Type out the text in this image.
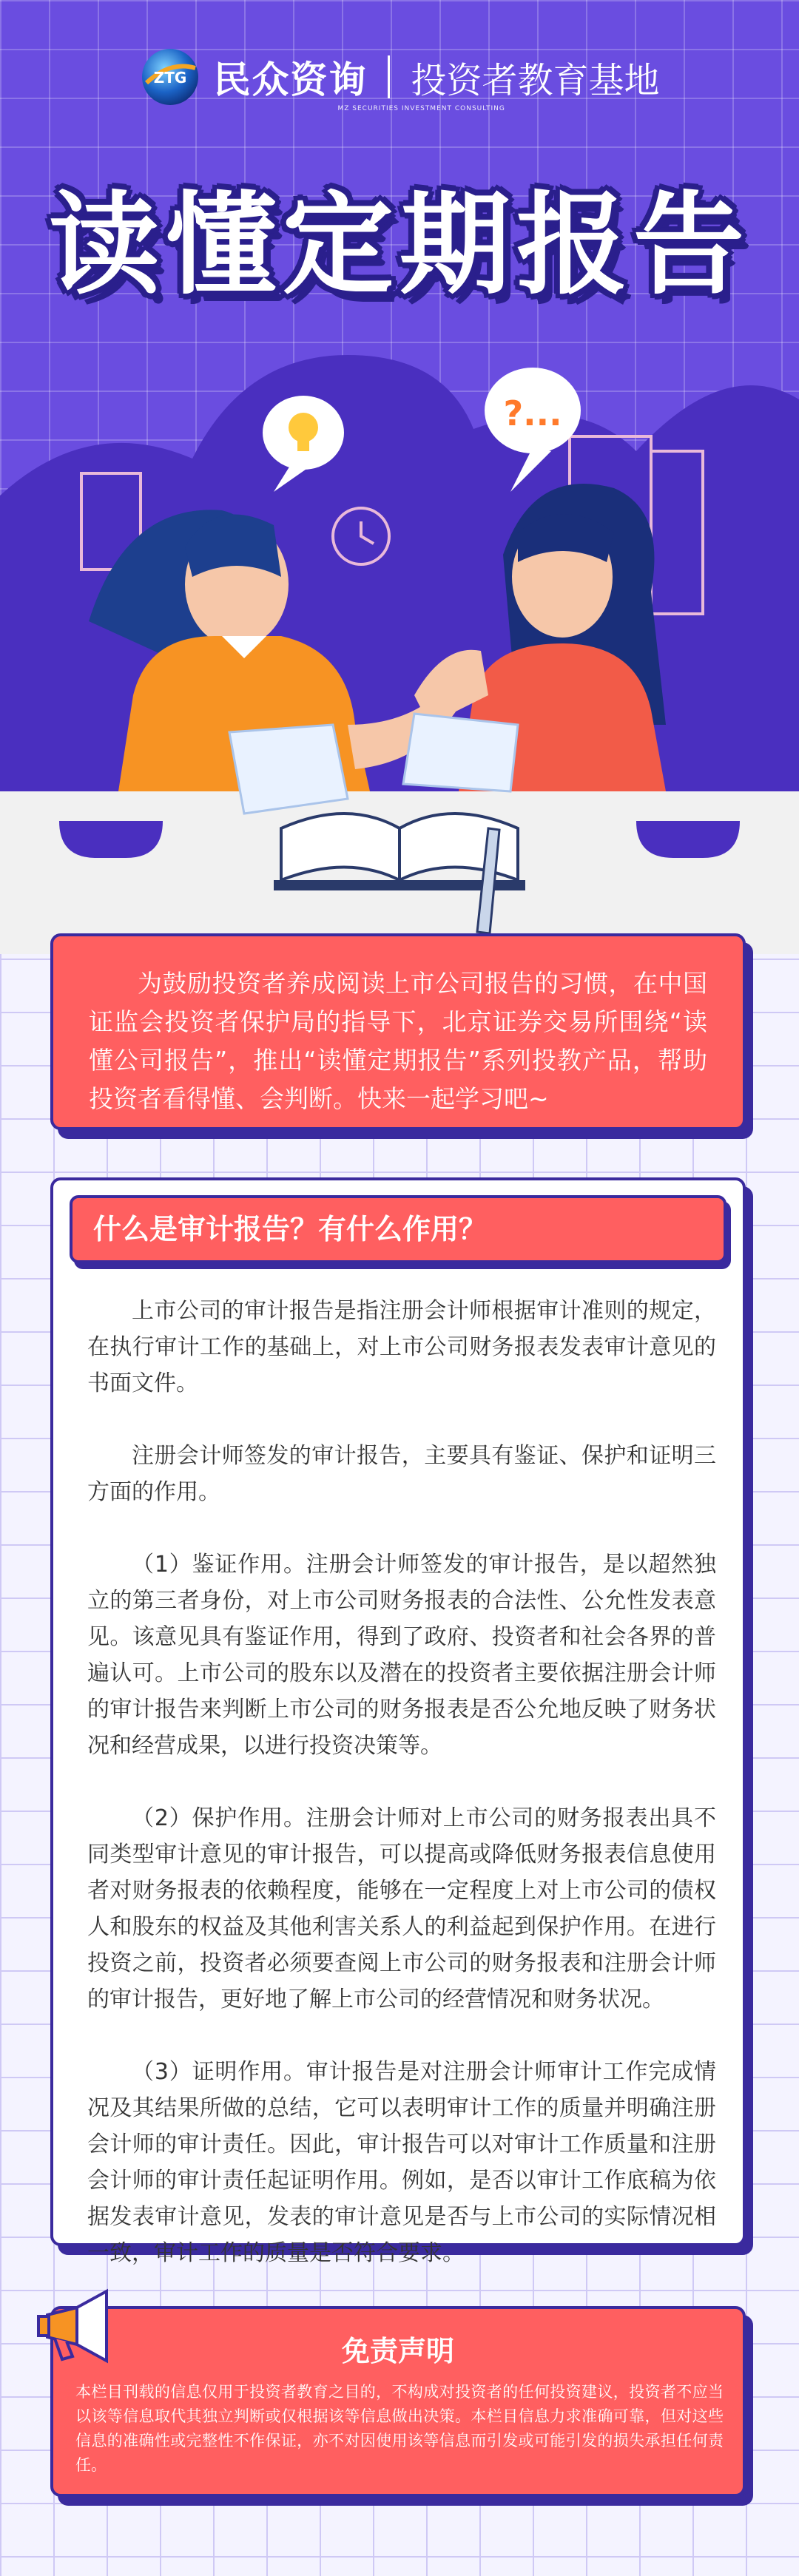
ZTG 民众资询
MZ SECURITIES INVESTMENT CONSULTING
投资者教育基地
读懂定期报告
?...
为鼓励投资者养成阅读上市公司报告的习惯，在中国证监会投资者保护局的指导下，北京证券交易所围绕“读懂公司报告”，推出“读懂定期报告”系列投教产品，帮助投资者看得懂、会判断。快来一起学习吧~
什么是审计报告？有什么作用？

上市公司的审计报告是指注册会计师根据审计准则的规定，在执行审计工作的基础上，对上市公司财务报表发表审计意见的书面文件。

注册会计师签发的审计报告，主要具有鉴证、保护和证明三方面的作用。

（1）鉴证作用。注册会计师签发的审计报告，是以超然独立的第三者身份，对上市公司财务报表的合法性、公允性发表意见。该意见具有鉴证作用，得到了政府、投资者和社会各界的普遍认可。上市公司的股东以及潜在的投资者主要依据注册会计师的审计报告来判断上市公司的财务报表是否公允地反映了财务状况和经营成果，以进行投资决策等。

（2）保护作用。注册会计师对上市公司的财务报表出具不同类型审计意见的审计报告，可以提高或降低财务报表信息使用者对财务报表的依赖程度，能够在一定程度上对上市公司的债权人和股东的权益及其他利害关系人的利益起到保护作用。在进行投资之前，投资者必须要查阅上市公司的财务报表和注册会计师的审计报告，更好地了解上市公司的经营情况和财务状况。

（3）证明作用。审计报告是对注册会计师审计工作完成情况及其结果所做的总结，它可以表明审计工作的质量并明确注册会计师的审计责任。因此，审计报告可以对审计工作质量和注册会计师的审计责任起证明作用。例如，是否以审计工作底稿为依据发表审计意见，发表的审计意见是否与上市公司的实际情况相一致，审计工作的质量是否符合要求。

免责声明
本栏目刊载的信息仅用于投资者教育之目的，不构成对投资者的任何投资建议，投资者不应当以该等信息取代其独立判断或仅根据该等信息做出决策。本栏目信息力求准确可靠，但对这些信息的准确性或完整性不作保证，亦不对因使用该等信息而引发或可能引发的损失承担任何责任。
